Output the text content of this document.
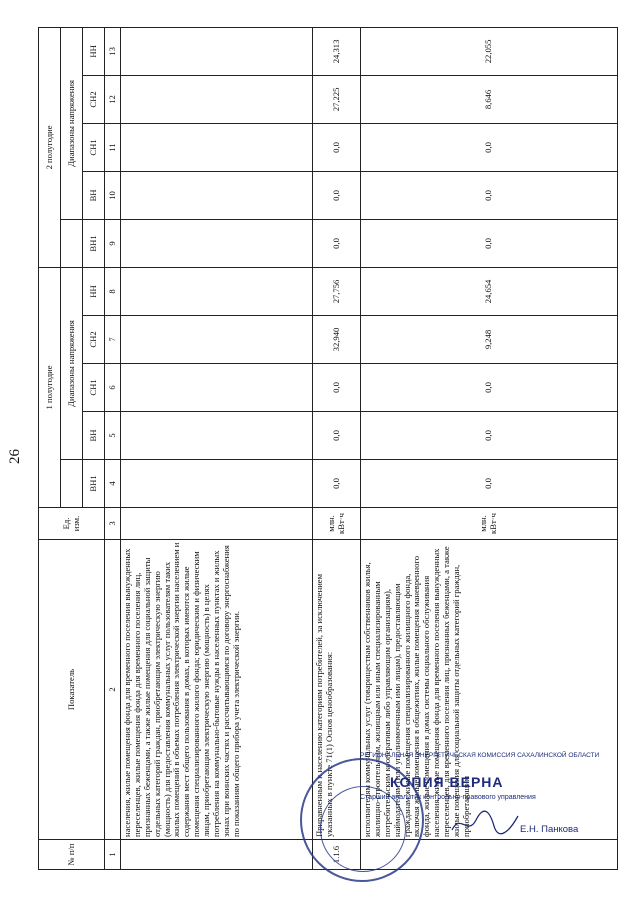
26
№ п/п	Показатель	Ед. изм.	1 полугодие					2 полугодие				
				Диапазоны напряжения					Диапазоны напряжения			
			ВН1	ВН	СН1	СН2	НН	ВН1	ВН	СН1	СН2	НН
1	2	3	4	5	6	7	8	9	10	11	12	13
	населения, жилые помещения фонда для временного поселения вынужденных переселенцев, жилые помещения фонда для временного поселения лиц, признанных беженцами, а также жилые помещения для социальной защиты отдельных категорий граждан, приобретающим электрическую энергию (мощность) для предоставления коммунальных услуг пользователям таких жилых помещений в объемах потребления электрической энергии населением и содержания мест общего пользования в домах, в которых имеются жилые помещения специализированного жилого фонда; юридическим и физическим лицам, приобретающим электрическую энергию (мощность) в целях потребления на коммунально-бытовые нужды в населенных пунктах и жилых зонах при воинских частях и рассчитывающимся по договору энергоснабжения по показаниям общего прибора учета электрической энергии.											
1.1.6	Приравненным к населению категориям потребителей, за исключением указанных в пункте 71(1) Основ ценообразования:	млн. кВт·ч	0,0	0,0	0,0	32,940	27,756	0,0	0,0	0,0	27,225	24,313
	исполнителям коммунальных услуг (товариществам собственников жилья, жилищно-строительным, жилищным или иным специализированным потребительским кооперативам либо управляющим организациям), наймодателям (или уполномоченным ими лицам), предоставляющим гражданам жилые помещения специализированного жилищного фонда, включая жилые помещения в общежитиях, жилые помещения маневренного фонда, жилые помещения в домах системы социального обслуживания населения, жилые помещения фонда для временного поселения вынужденных переселенцев, для временного поселения лиц, признанных беженцами, а также жилые помещения для социальной защиты отдельных категорий граждан, приобретающим	млн. кВт·ч	0,0	0,0	0,0	9,248	24,654	0,0	0,0	0,0	8,646	22,055
РЕГИОНАЛЬНАЯ ЭНЕРГЕТИЧЕСКАЯ КОМИССИЯ САХАЛИНСКОЙ ОБЛАСТИ
КОПИЯ ВЕРНА
Старший аналитик контрольно-правового управления
Е.Н. Панкова
